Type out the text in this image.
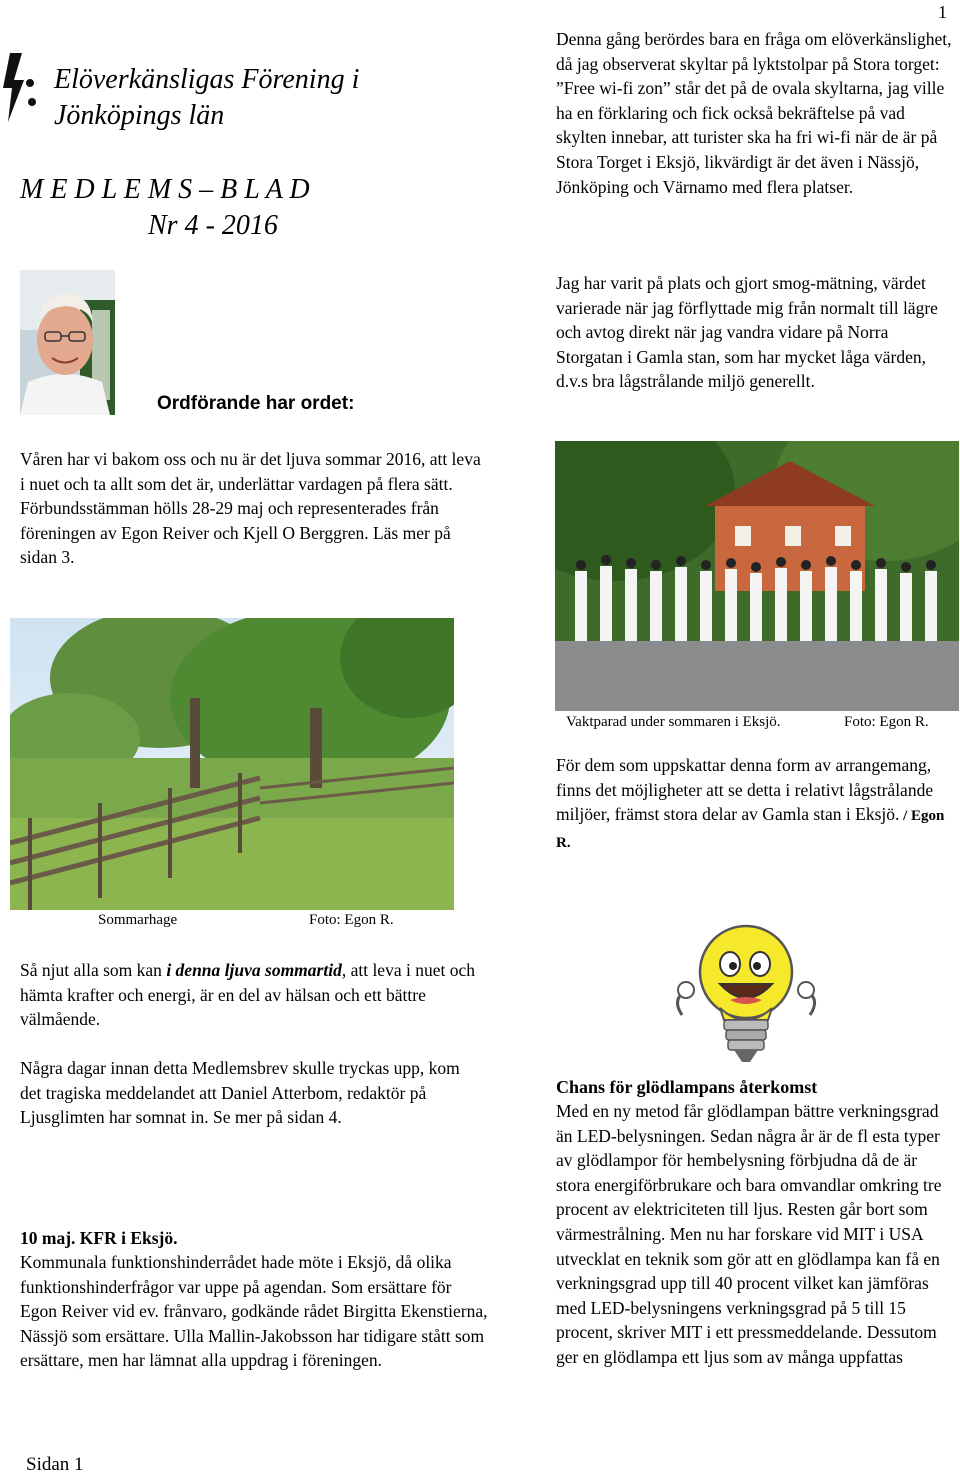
1
Elöverkänsligas Förening i
Jönköpings län
M E D L E M S – B L A D
Nr 4 - 2016
Ordförande har ordet:
Våren har vi bakom oss och nu är det ljuva sommar 2016, att leva i nuet och ta allt som det är, underlättar vardagen på flera sätt. Förbundsstämman hölls 28-29 maj och representerades från föreningen av Egon Reiver och Kjell O Berggren. Läs mer på sidan 3.
Sommarhage	Foto: Egon R.
Så njut alla som kan i denna ljuva sommartid, att leva i nuet och hämta krafter och energi, är en del av hälsan och ett bättre välmående.
Några dagar innan detta Medlemsbrev skulle tryckas upp, kom det tragiska meddelandet att Daniel Atterbom, redaktör på Ljusglimten har somnat in. Se mer på sidan 4.
10 maj. KFR i Eksjö.
Kommunala funktionshinderrådet hade möte i Eksjö, då olika funktionshinderfrågor var uppe på agendan. Som ersättare för Egon Reiver vid ev. frånvaro, godkände rådet Birgitta Ekenstierna, Nässjö som ersättare. Ulla Mallin-Jakobsson har tidigare stått som ersättare, men har lämnat alla uppdrag i föreningen.
Sidan 1
Denna gång berördes bara en fråga om elöverkänslighet, då jag observerat skyltar på lyktstolpar på Stora torget: ”Free wi-fi zon” står det på de ovala skyltarna, jag ville ha en förklaring och fick också bekräftelse på vad skylten innebar, att turister ska ha fri wi-fi när de är på Stora Torget i Eksjö, likvärdigt är det även i Nässjö, Jönköping och Värnamo med flera platser.
Jag har varit på plats och gjort smog-mätning, värdet varierade när jag förflyttade mig från normalt till lägre och avtog direkt när jag vandra vidare på Norra Storgatan i Gamla stan, som har mycket låga värden, d.v.s bra lågstrålande miljö generellt.
Vaktparad under sommaren i Eksjö.	Foto: Egon R.
För dem som uppskattar denna form av arrangemang, finns det möjligheter att se detta i relativt lågstrålande miljöer, främst stora delar av Gamla stan i Eksjö. / Egon R.
Chans för glödlampans återkomst
Med en ny metod får glödlampan bättre verkningsgrad än LED-belysningen. Sedan några år är de fl esta typer av glödlampor för hembelysning förbjudna då de är stora energiförbrukare och bara omvandlar omkring tre procent av elektriciteten till ljus. Resten går bort som värmestrålning. Men nu har forskare vid MIT i USA utvecklat en teknik som gör att en glödlampa kan få en verkningsgrad upp till 40 procent vilket kan jämföras med LED-belysningens verkningsgrad på 5 till 15 procent, skriver MIT i ett pressmeddelande. Dessutom ger en glödlampa ett ljus som av många uppfattas
